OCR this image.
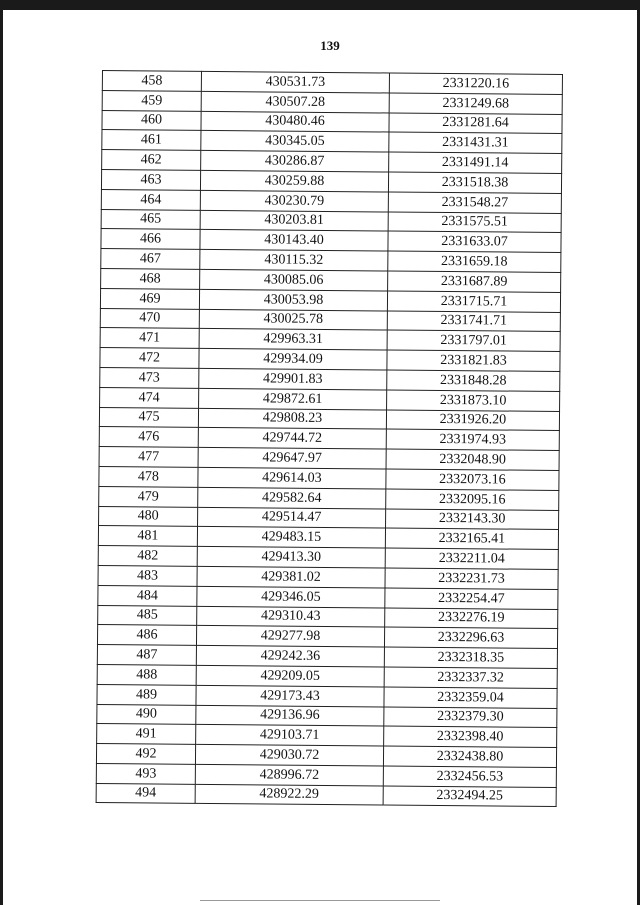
139
458	430531.73	2331220.16
459	430507.28	2331249.68
460	430480.46	2331281.64
461	430345.05	2331431.31
462	430286.87	2331491.14
463	430259.88	2331518.38
464	430230.79	2331548.27
465	430203.81	2331575.51
466	430143.40	2331633.07
467	430115.32	2331659.18
468	430085.06	2331687.89
469	430053.98	2331715.71
470	430025.78	2331741.71
471	429963.31	2331797.01
472	429934.09	2331821.83
473	429901.83	2331848.28
474	429872.61	2331873.10
475	429808.23	2331926.20
476	429744.72	2331974.93
477	429647.97	2332048.90
478	429614.03	2332073.16
479	429582.64	2332095.16
480	429514.47	2332143.30
481	429483.15	2332165.41
482	429413.30	2332211.04
483	429381.02	2332231.73
484	429346.05	2332254.47
485	429310.43	2332276.19
486	429277.98	2332296.63
487	429242.36	2332318.35
488	429209.05	2332337.32
489	429173.43	2332359.04
490	429136.96	2332379.30
491	429103.71	2332398.40
492	429030.72	2332438.80
493	428996.72	2332456.53
494	428922.29	2332494.25
